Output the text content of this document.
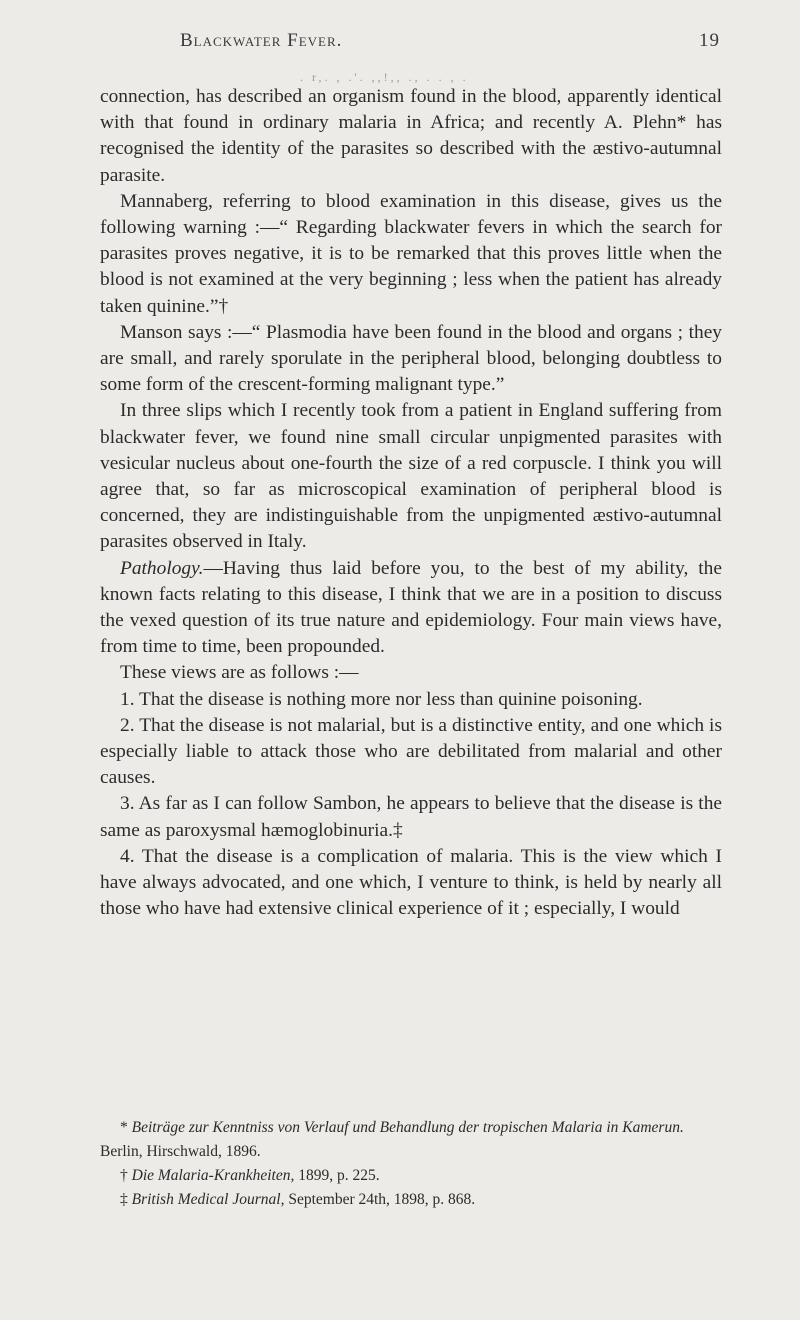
Blackwater Fever.	19
. r,. , .'. ,,!,, ., . . , .

connection, has described an organism found in the blood, apparently identical with that found in ordinary malaria in Africa; and recently A. Plehn* has recognised the identity of the parasites so described with the æstivo-autumnal parasite.

Mannaberg, referring to blood examination in this disease, gives us the following warning :—“ Regarding blackwater fevers in which the search for parasites proves negative, it is to be remarked that this proves little when the blood is not examined at the very beginning ; less when the patient has already taken quinine.”†

Manson says :—“ Plasmodia have been found in the blood and organs ; they are small, and rarely sporulate in the peripheral blood, belonging doubtless to some form of the crescent-forming malignant type.”

In three slips which I recently took from a patient in England suffering from blackwater fever, we found nine small circular unpigmented parasites with vesicular nucleus about one-fourth the size of a red corpuscle. I think you will agree that, so far as microscopical examination of peripheral blood is concerned, they are indistinguishable from the unpigmented æstivo-autumnal parasites observed in Italy.

Pathology.—Having thus laid before you, to the best of my ability, the known facts relating to this disease, I think that we are in a position to discuss the vexed question of its true nature and epidemiology. Four main views have, from time to time, been propounded.

These views are as follows :—

1. That the disease is nothing more nor less than quinine poisoning.

2. That the disease is not malarial, but is a distinctive entity, and one which is especially liable to attack those who are debilitated from malarial and other causes.

3. As far as I can follow Sambon, he appears to believe that the disease is the same as paroxysmal hæmoglobinuria.‡

4. That the disease is a complication of malaria. This is the view which I have always advocated, and one which, I venture to think, is held by nearly all those who have had extensive clinical experience of it ; especially, I would

* Beiträge zur Kenntniss von Verlauf und Behandlung der tropischen Malaria in Kamerun. Berlin, Hirschwald, 1896.

† Die Malaria-Krankheiten, 1899, p. 225.

‡ British Medical Journal, September 24th, 1898, p. 868.
